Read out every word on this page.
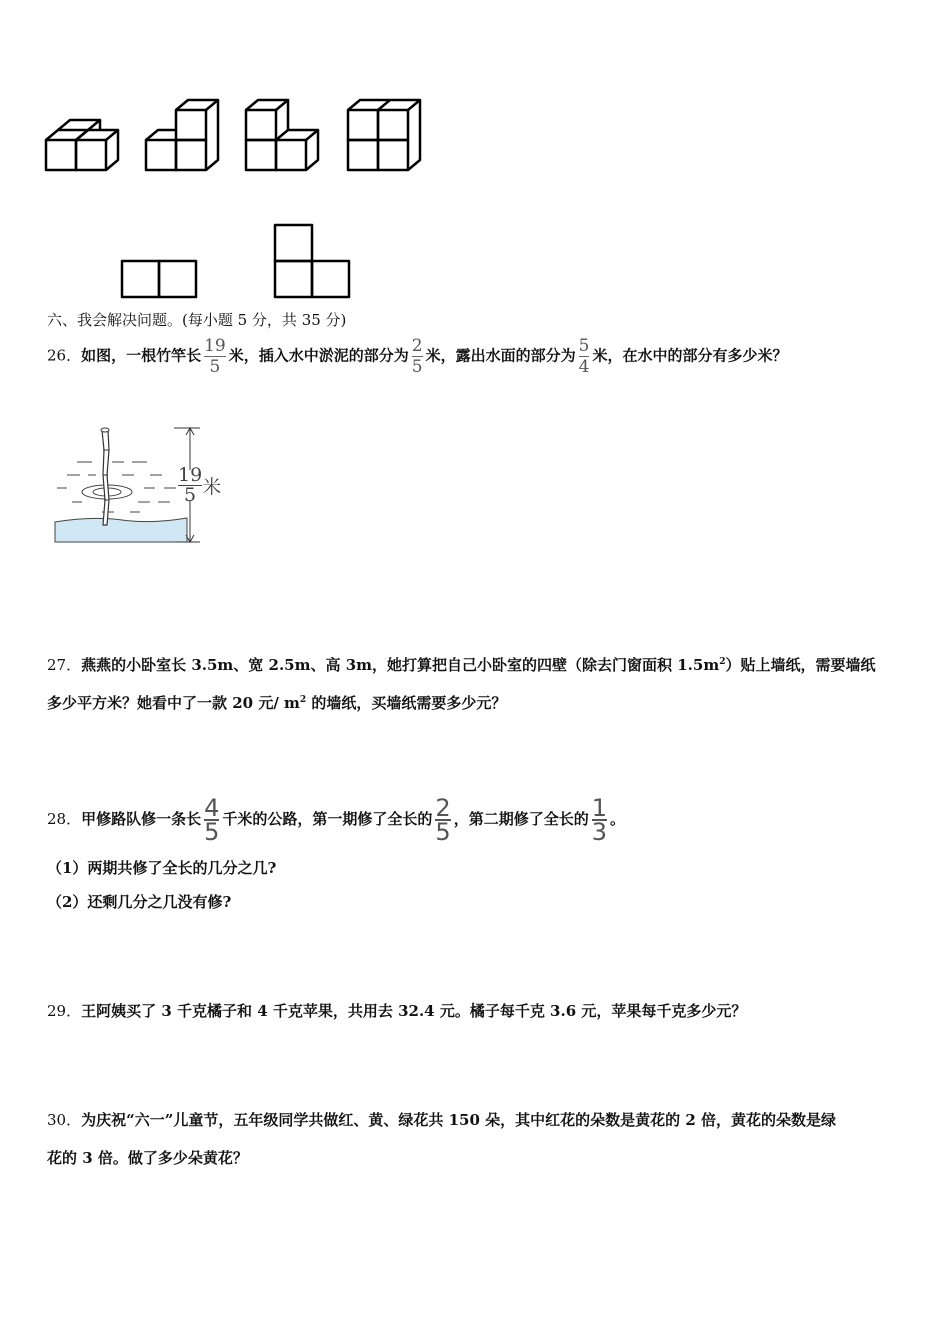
六、我会解决问题。(每小题 5 分，共 35 分)
26．如图，一根竹竿长 $\frac{19}{5}$ 米，插入水中淤泥的部分为 $\frac{2}{5}$ 米，露出水面的部分为 $\frac{5}{4}$ 米，在水中的部分有多少米？
$\frac{19}{5}$ 米
27．燕燕的小卧室长 3.5m、宽 2.5m、高 3m，她打算把自己小卧室的四壁（除去门窗面积 $1.5m^2$）贴上墙纸，需要墙纸
多少平方米？她看中了一款 20 元/ $m^2$ 的墙纸，买墙纸需要多少元？
28．甲修路队修一条长 $\frac{4}{5}$ 千米的公路，第一期修了全长的 $\frac{2}{5}$ ，第二期修了全长的 $\frac{1}{3}$ 。
（1）两期共修了全长的几分之几?
（2）还剩几分之几没有修?
29．王阿姨买了 3 千克橘子和 4 千克苹果，共用去 32.4 元。橘子每千克 3.6 元，苹果每千克多少元？
30．为庆祝“六一”儿童节，五年级同学共做红、黄、绿花共 150 朵，其中红花的朵数是黄花的 2 倍，黄花的朵数是绿
花的 3 倍。做了多少朵黄花？
